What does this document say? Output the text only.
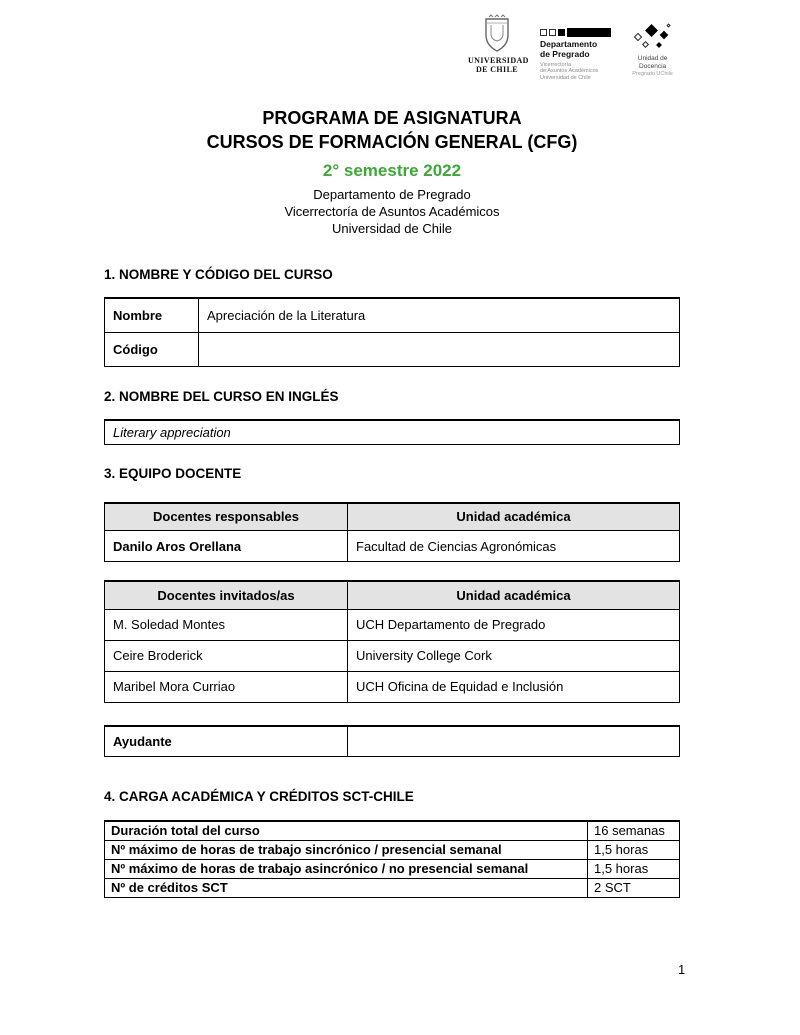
UNIVERSIDAD
DE CHILE
Departamento
de Pregrado
Vicerrectoría
de Asuntos Académicos
Universidad de Chile
Unidad de Docencia
Pregrado UChile
PROGRAMA DE ASIGNATURA
CURSOS DE FORMACIÓN GENERAL (CFG)
2° semestre 2022
Departamento de Pregrado
Vicerrectoría de Asuntos Académicos
Universidad de Chile
1. NOMBRE Y CÓDIGO DEL CURSO
Nombre	Apreciación de la Literatura
Código	
2. NOMBRE DEL CURSO EN INGLÉS
Literary appreciation
3. EQUIPO DOCENTE
Docentes responsables	Unidad académica
Danilo Aros Orellana	Facultad de Ciencias Agronómicas
Docentes invitados/as	Unidad académica
M. Soledad Montes	UCH Departamento de Pregrado
Ceire Broderick	University College Cork
Maribel Mora Curriao	UCH Oficina de Equidad e Inclusión
Ayudante	
4. CARGA ACADÉMICA Y CRÉDITOS SCT-CHILE
Duración total del curso	16 semanas
Nº máximo de horas de trabajo sincrónico / presencial semanal	1,5 horas
Nº máximo de horas de trabajo asincrónico / no presencial semanal	1,5 horas
Nº de créditos SCT	2 SCT
1
